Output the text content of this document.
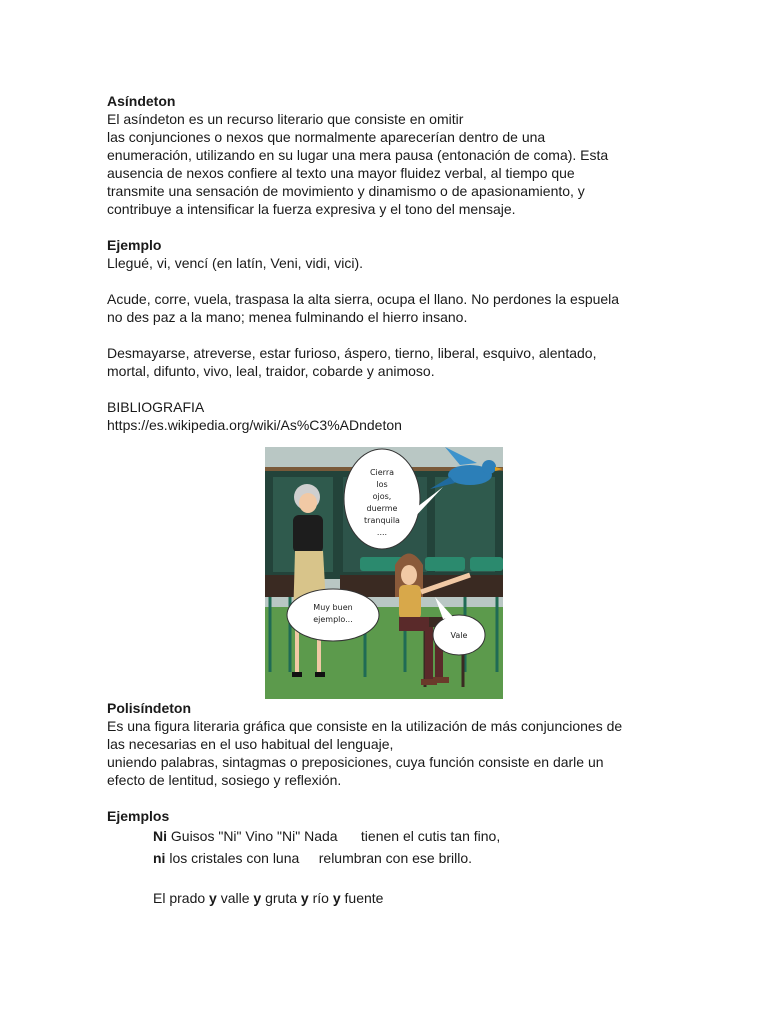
Asíndeton

El asíndeton es un recurso literario que consiste en omitir

las conjunciones o nexos que normalmente aparecerían dentro de una

enumeración, utilizando en su lugar una mera pausa (entonación de coma). Esta

ausencia de nexos confiere al texto una mayor fluidez verbal, al tiempo que

transmite una sensación de movimiento y dinamismo o de apasionamiento, y

contribuye a intensificar la fuerza expresiva y el tono del mensaje.

Ejemplo

Llegué, vi, vencí (en latín, Veni, vidi, vici).

Acude, corre, vuela, traspasa la alta sierra, ocupa el llano. No perdones la espuela

no des paz a la mano; menea fulminando el hierro insano.

Desmayarse, atreverse, estar furioso, áspero, tierno, liberal, esquivo, alentado,

mortal, difunto, vivo, leal, traidor, cobarde y animoso.

BIBLIOGRAFIA

https://es.wikipedia.org/wiki/As%C3%ADndeton

Cierra
los
ojos,
duerme
tranquila
....
Muy buen
ejemplo...
Vale

Polisíndeton

Es una figura literaria gráfica que consiste en la utilización de más conjunciones de

las necesarias en el uso habitual del lenguaje,

uniendo palabras, sintagmas o preposiciones, cuya función consiste en darle un

efecto de lentitud, sosiego y reflexión.

Ejemplos

Ni Guisos "Ni" Vino "Ni" Nada      tienen el cutis tan fino,

ni los cristales con luna     relumbran con ese brillo.

El prado y valle y gruta y río y fuente
